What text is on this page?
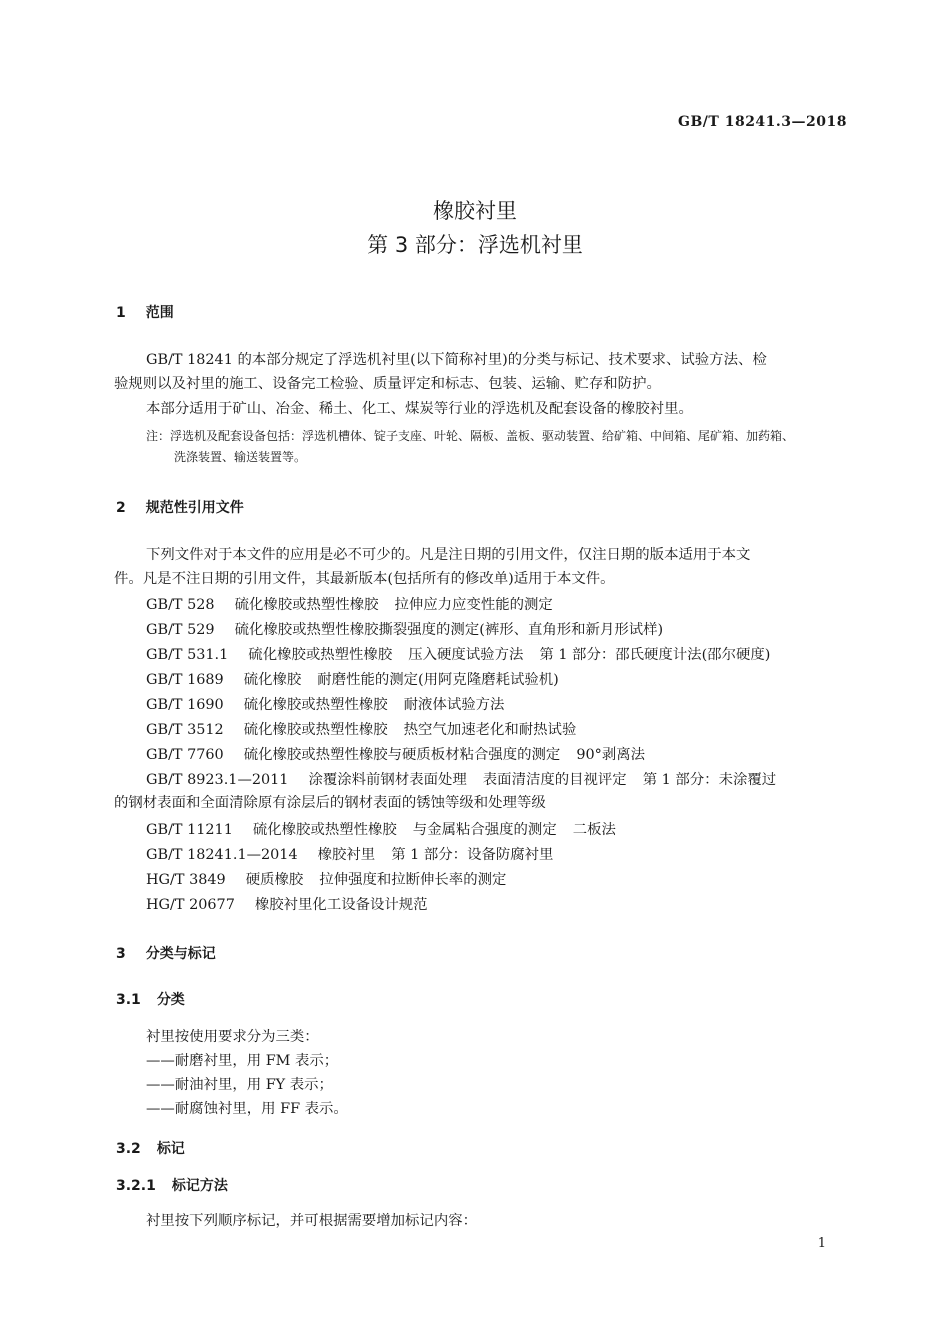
GB/T 18241.3—2018
橡胶衬里
第 3 部分：浮选机衬里
1 范围
GB/T 18241 的本部分规定了浮选机衬里(以下简称衬里)的分类与标记、技术要求、试验方法、检
验规则以及衬里的施工、设备完工检验、质量评定和标志、包装、运输、贮存和防护。
本部分适用于矿山、冶金、稀土、化工、煤炭等行业的浮选机及配套设备的橡胶衬里。
注：浮选机及配套设备包括：浮选机槽体、锭子支座、叶轮、隔板、盖板、驱动装置、给矿箱、中间箱、尾矿箱、加药箱、
洗涤装置、输送装置等。
2 规范性引用文件
下列文件对于本文件的应用是必不可少的。凡是注日期的引用文件，仅注日期的版本适用于本文
件。凡是不注日期的引用文件，其最新版本(包括所有的修改单)适用于本文件。
GB/T 528 硫化橡胶或热塑性橡胶 拉伸应力应变性能的测定
GB/T 529 硫化橡胶或热塑性橡胶撕裂强度的测定(裤形、直角形和新月形试样)
GB/T 531.1 硫化橡胶或热塑性橡胶 压入硬度试验方法 第 1 部分：邵氏硬度计法(邵尔硬度)
GB/T 1689 硫化橡胶 耐磨性能的测定(用阿克隆磨耗试验机)
GB/T 1690 硫化橡胶或热塑性橡胶 耐液体试验方法
GB/T 3512 硫化橡胶或热塑性橡胶 热空气加速老化和耐热试验
GB/T 7760 硫化橡胶或热塑性橡胶与硬质板材粘合强度的测定 90°剥离法
GB/T 8923.1—2011 涂覆涂料前钢材表面处理 表面清洁度的目视评定 第 1 部分：未涂覆过
的钢材表面和全面清除原有涂层后的钢材表面的锈蚀等级和处理等级
GB/T 11211 硫化橡胶或热塑性橡胶 与金属粘合强度的测定 二板法
GB/T 18241.1—2014 橡胶衬里 第 1 部分：设备防腐衬里
HG/T 3849 硬质橡胶 拉伸强度和拉断伸长率的测定
HG/T 20677 橡胶衬里化工设备设计规范
3 分类与标记
3.1 分类
衬里按使用要求分为三类：
——耐磨衬里，用 FM 表示；
——耐油衬里，用 FY 表示；
——耐腐蚀衬里，用 FF 表示。
3.2 标记
3.2.1 标记方法
衬里按下列顺序标记，并可根据需要增加标记内容：
1
